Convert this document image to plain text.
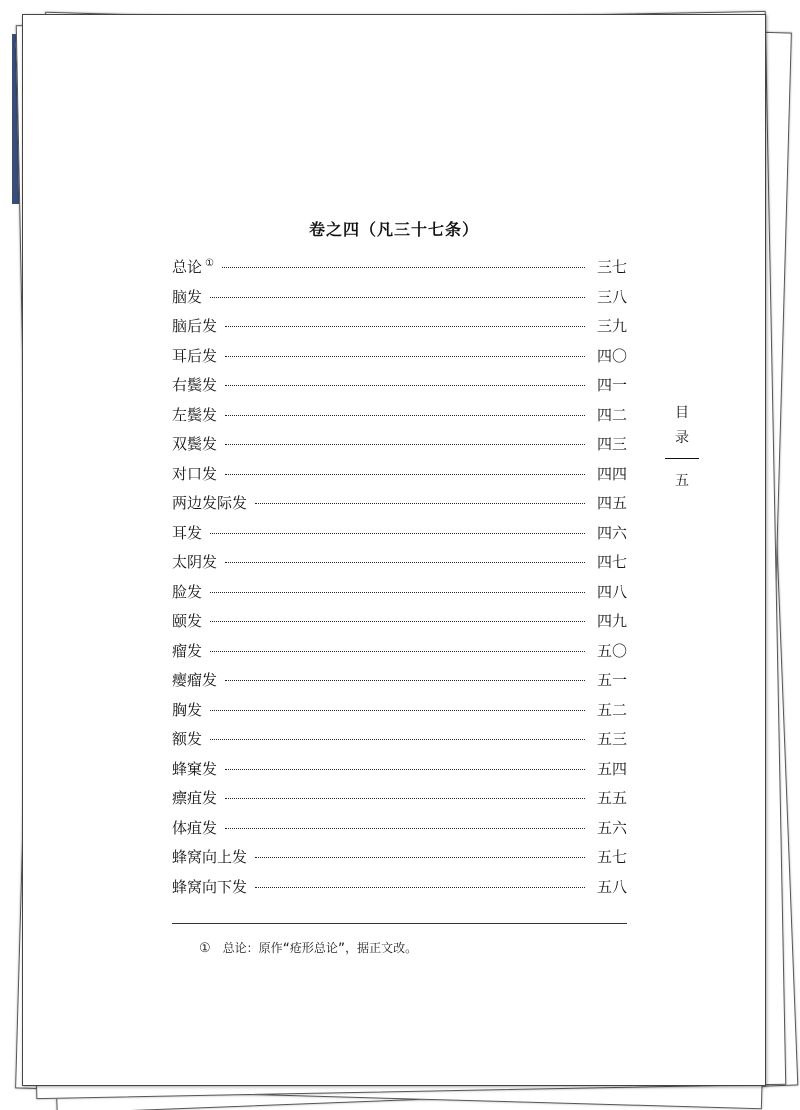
卷之四（凡三十七条）
总论 ①	三七
脑发	三八
脑后发	三九
耳后发	四〇
右鬓发	四一
左鬓发	四二
双鬓发	四三
对口发	四四
两边发际发	四五
耳发	四六
太阴发	四七
脸发	四八
颐发	四九
瘤发	五〇
瘿瘤发	五一
胸发	五二
额发	五三
蜂窠发	五四
瘭疽发	五五
体疽发	五六
蜂窝向上发	五七
蜂窝向下发	五八
目
录
五
① 总论：原作“疮形总论”，据正文改。
